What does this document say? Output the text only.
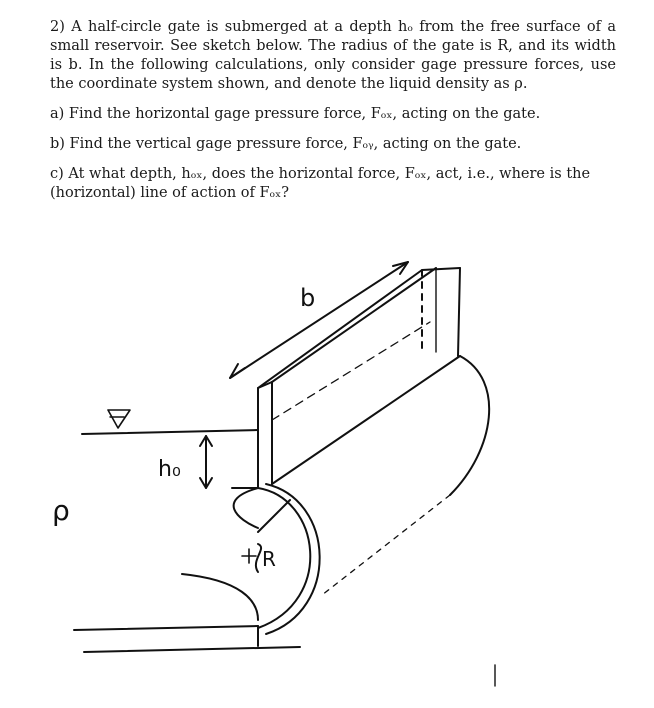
2) A half-circle gate is submerged at a depth hₒ from the free surface of a small reservoir. See sketch below. The radius of the gate is R, and its width is b. In the following calculations, only consider gage pressure forces, use the coordinate system shown, and denote the liquid density as ρ.

a) Find the horizontal gage pressure force, Fₒₓ, acting on the gate.

b) Find the vertical gage pressure force, Fₒᵧ, acting on the gate.

c) At what depth, hₒₓ, does the horizontal force, Fₒₓ, act, i.e., where is the (horizontal) line of action of Fₒₓ?

b
h₀
R
ρ
